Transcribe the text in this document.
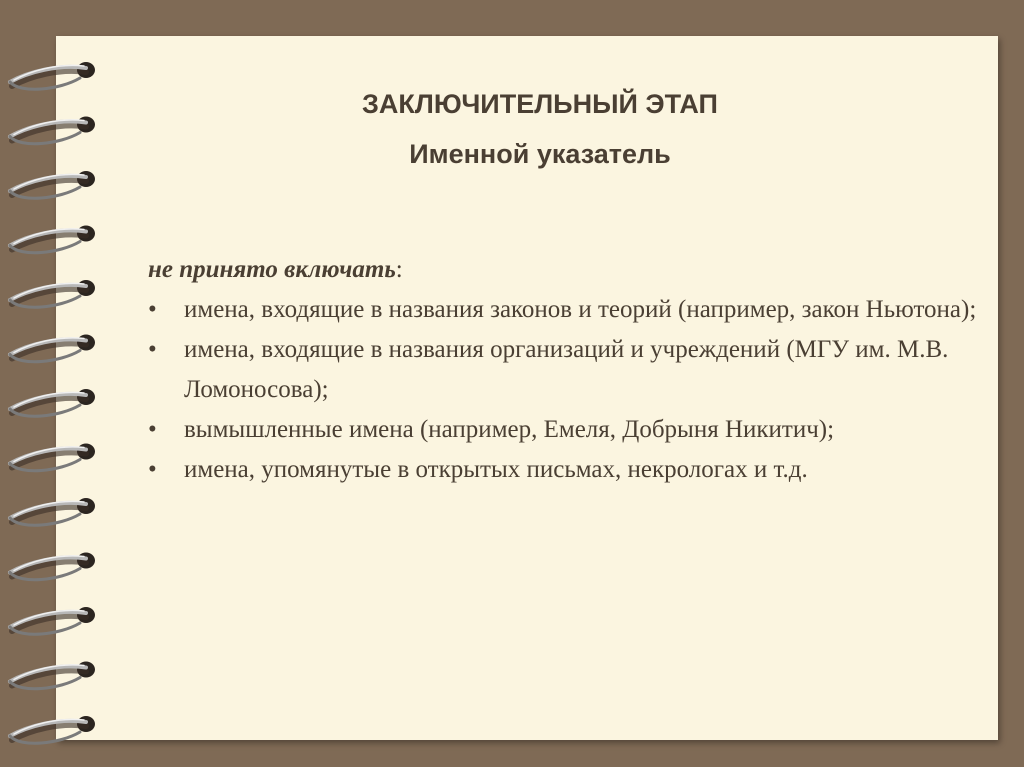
ЗАКЛЮЧИТЕЛЬНЫЙ ЭТАП
Именной указатель
не принято включать:
• имена, входящие в названия законов и теорий (например, закон Ньютона);
• имена, входящие в названия организаций и учреждений (МГУ им. М.В. Ломоносова);
• вымышленные имена (например, Емеля, Добрыня Никитич);
• имена, упомянутые в открытых письмах, некрологах и т.д.
